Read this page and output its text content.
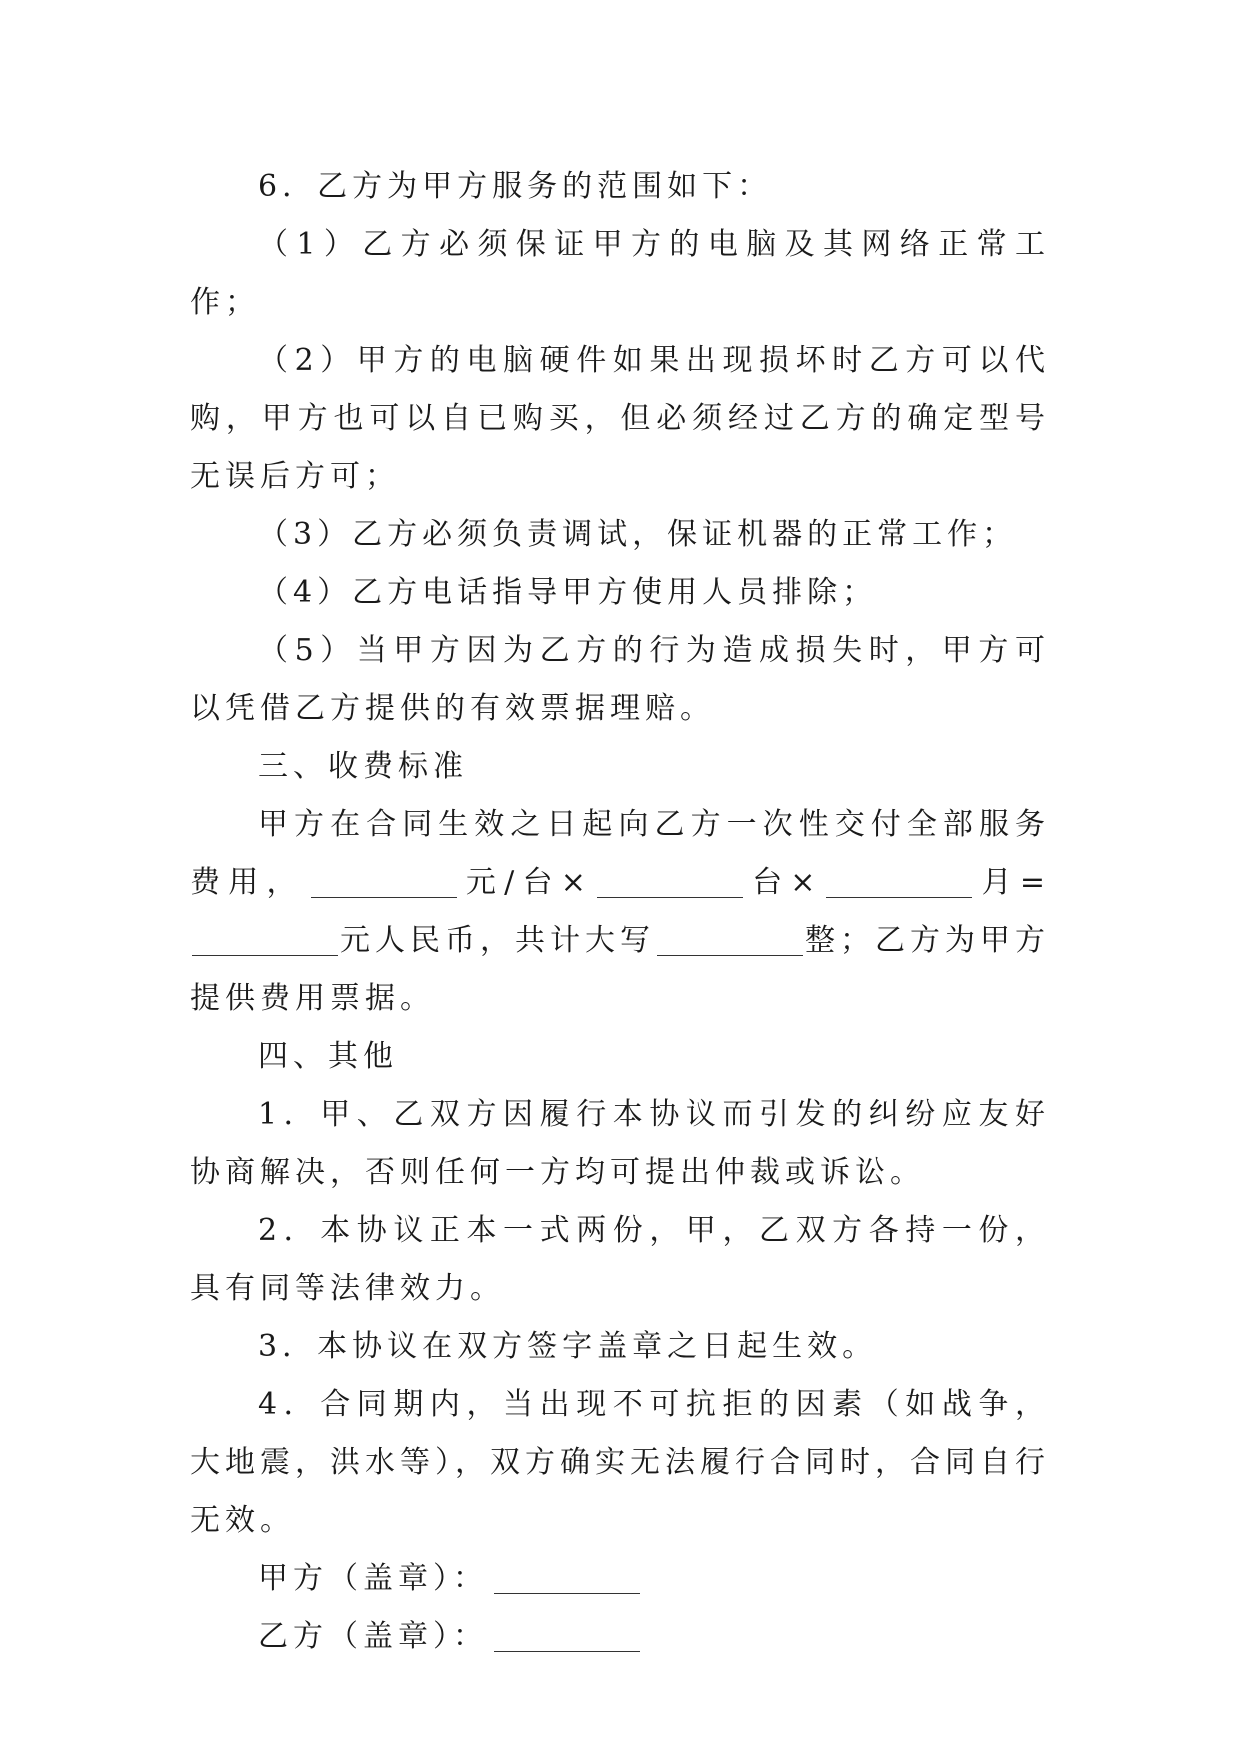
6．乙方为甲方服务的范围如下：

（1）乙方必须保证甲方的电脑及其网络正常工作；

（2）甲方的电脑硬件如果出现损坏时乙方可以代购，甲方也可以自已购买，但必须经过乙方的确定型号无误后方可；

（3）乙方必须负责调试，保证机器的正常工作；

（4）乙方电话指导甲方使用人员排除；

（5）当甲方因为乙方的行为造成损失时，甲方可以凭借乙方提供的有效票据理赔。

三、收费标准

甲方在合同生效之日起向乙方一次性交付全部服务费用，	元/台×	台×	月=元人民币，共计大写	整；乙方为甲方提供费用票据。

四、其他

1．甲、乙双方因履行本协议而引发的纠纷应友好协商解决，否则任何一方均可提出仲裁或诉讼。

2．本协议正本一式两份，甲，乙双方各持一份，具有同等法律效力。

3．本协议在双方签字盖章之日起生效。

4．合同期内，当出现不可抗拒的因素（如战争，大地震，洪水等），双方确实无法履行合同时，合同自行无效。

甲方（盖章）：

乙方（盖章）：
